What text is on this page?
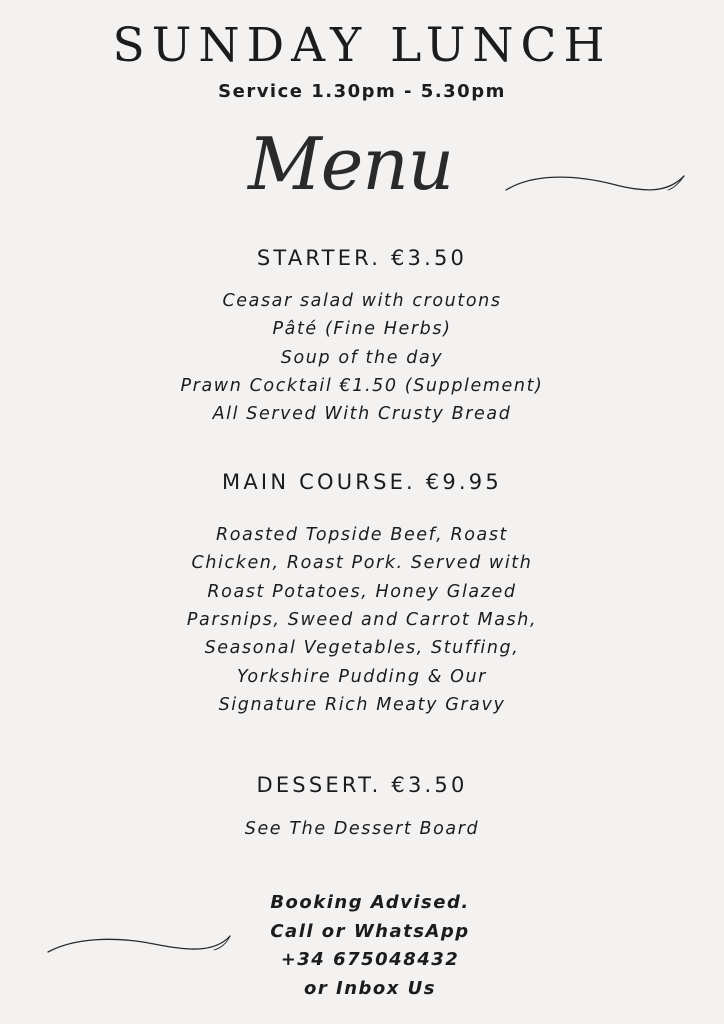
SUNDAY LUNCH
Service 1.30pm - 5.30pm
Menu
STARTER. €3.50
Ceasar salad with croutons
Pâté (Fine Herbs)
Soup of the day
Prawn Cocktail €1.50 (Supplement)
All Served With Crusty Bread
MAIN COURSE. €9.95
Roasted Topside Beef, Roast
Chicken, Roast Pork. Served with
Roast Potatoes, Honey Glazed
Parsnips, Sweed and Carrot Mash,
Seasonal Vegetables, Stuffing,
Yorkshire Pudding & Our
Signature Rich Meaty Gravy
DESSERT. €3.50
See The Dessert Board
Booking Advised.
Call or WhatsApp
+34 675048432
or Inbox Us
